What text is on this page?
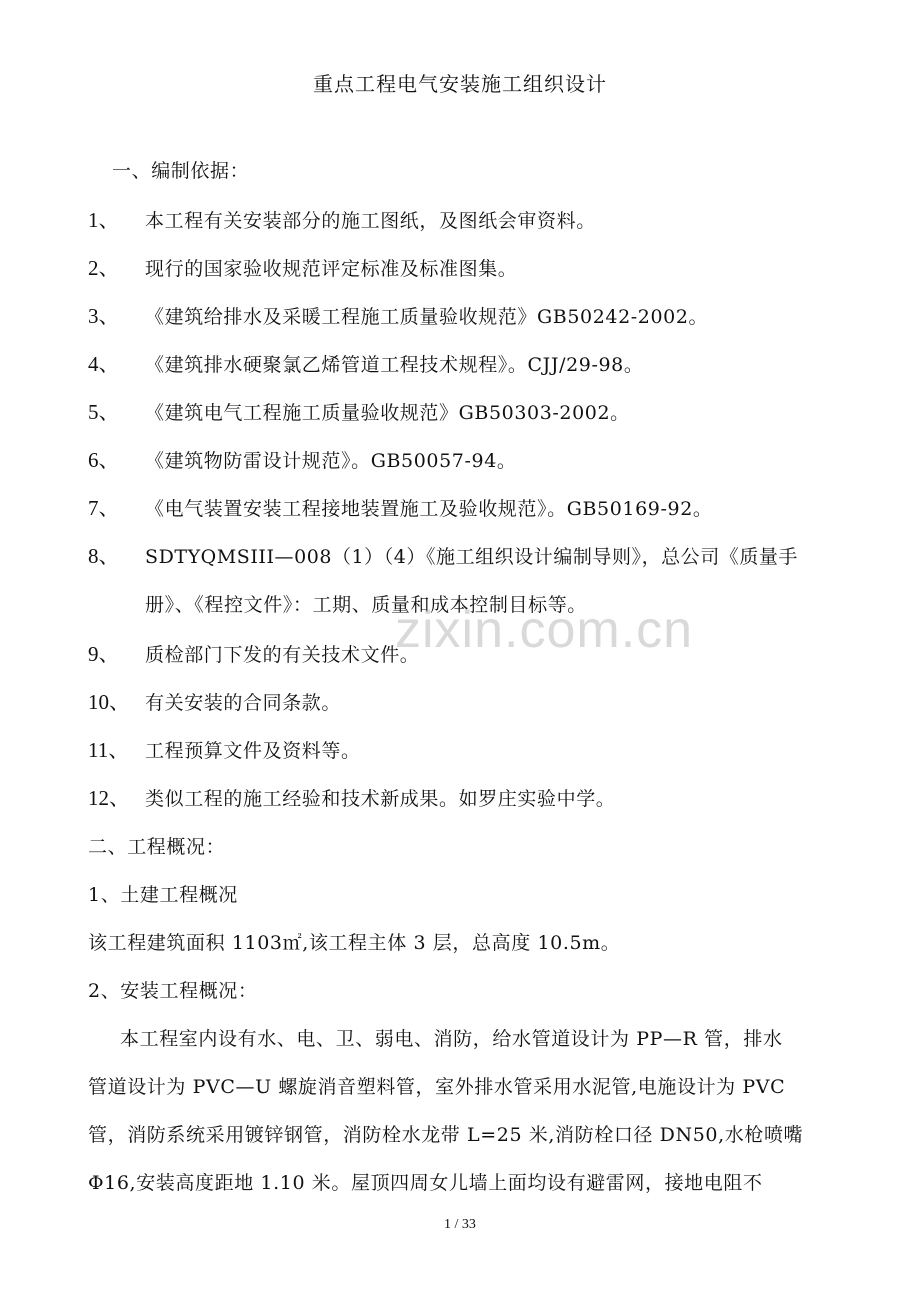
重点工程电气安装施工组织设计
一、编制依据：
1、 本工程有关安装部分的施工图纸，及图纸会审资料。
2、 现行的国家验收规范评定标准及标准图集。
3、 《建筑给排水及采暖工程施工质量验收规范》GB50242-2002。
4、 《建筑排水硬聚氯乙烯管道工程技术规程》。CJJ/29-98。
5、 《建筑电气工程施工质量验收规范》GB50303-2002。
6、 《建筑物防雷设计规范》。GB50057-94。
7、 《电气装置安装工程接地装置施工及验收规范》。GB50169-92。
8、 SDTYQMSIII—008（1）（4）《施工组织设计编制导则》，总公司《质量手
册》、《程控文件》：工期、质量和成本控制目标等。
9、 质检部门下发的有关技术文件。
10、 有关安装的合同条款。
11、 工程预算文件及资料等。
12、 类似工程的施工经验和技术新成果。如罗庄实验中学。
二、工程概况：
1、土建工程概况
该工程建筑面积 1103㎡,该工程主体 3 层，总高度 10.5m。
2、安装工程概况：
本工程室内设有水、电、卫、弱电、消防，给水管道设计为 PP—R 管，排水
管道设计为 PVC—U 螺旋消音塑料管，室外排水管采用水泥管,电施设计为 PVC
管，消防系统采用镀锌钢管，消防栓水龙带 L=25 米,消防栓口径 DN50,水枪喷嘴
Φ16,安装高度距地 1.10 米。屋顶四周女儿墙上面均设有避雷网，接地电阻不
zixin.com.cn
1 / 33
